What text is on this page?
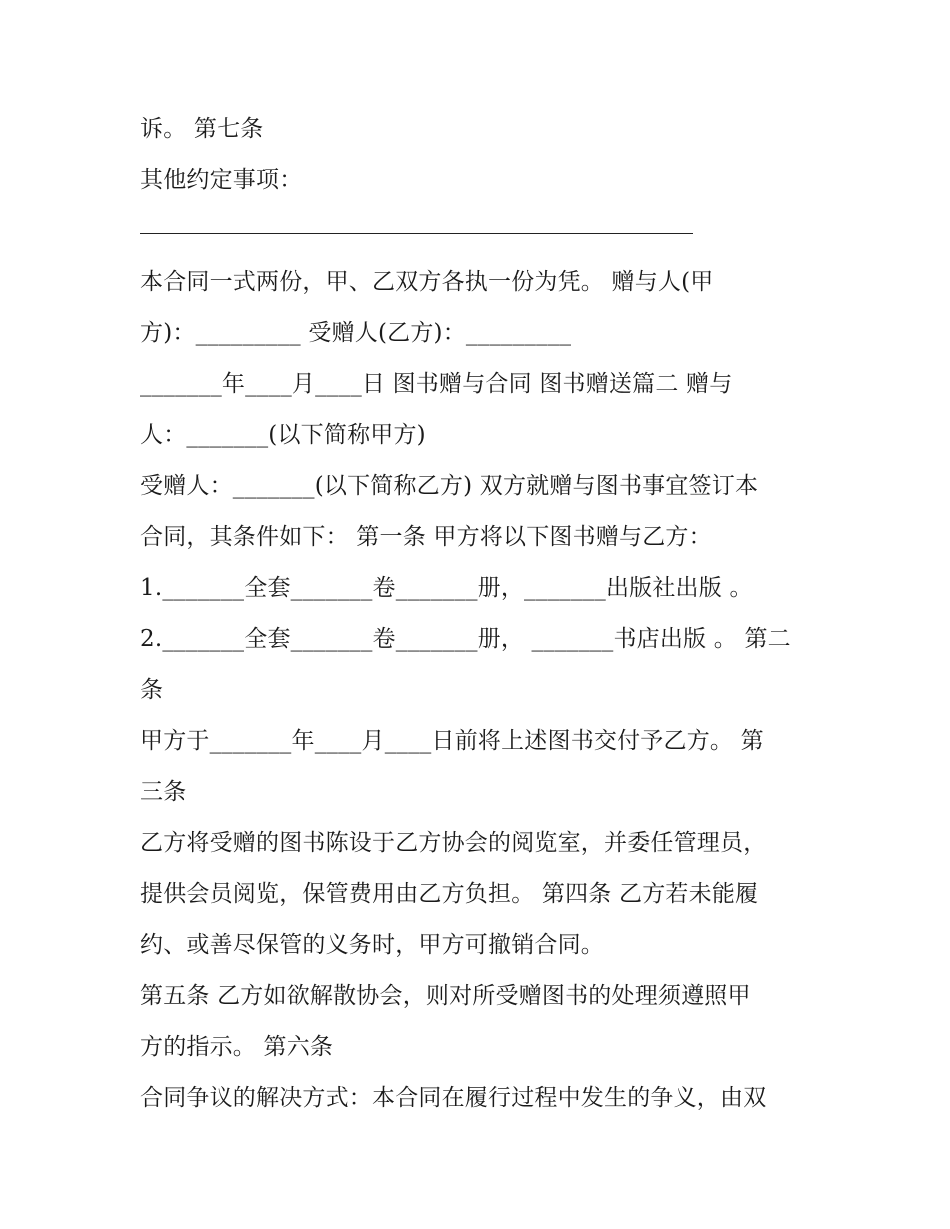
诉。 第七条
其他约定事项：

本合同一式两份，甲、乙双方各执一份为凭。 赠与人(甲
方)：_________ 受赠人(乙方)：_________
_______年____月____日 图书赠与合同 图书赠送篇二 赠与
人：_______(以下简称甲方)
受赠人：_______(以下简称乙方) 双方就赠与图书事宜签订本
合同，其条件如下： 第一条 甲方将以下图书赠与乙方：
1._______全套_______卷_______册，_______出版社出版 。
2._______全套_______卷_______册， _______书店出版 。 第二
条
甲方于_______年____月____日前将上述图书交付予乙方。 第
三条
乙方将受赠的图书陈设于乙方协会的阅览室，并委任管理员，
提供会员阅览，保管费用由乙方负担。 第四条 乙方若未能履
约、或善尽保管的义务时，甲方可撤销合同。
第五条 乙方如欲解散协会，则对所受赠图书的处理须遵照甲
方的指示。 第六条
合同争议的解决方式：本合同在履行过程中发生的争义，由双
